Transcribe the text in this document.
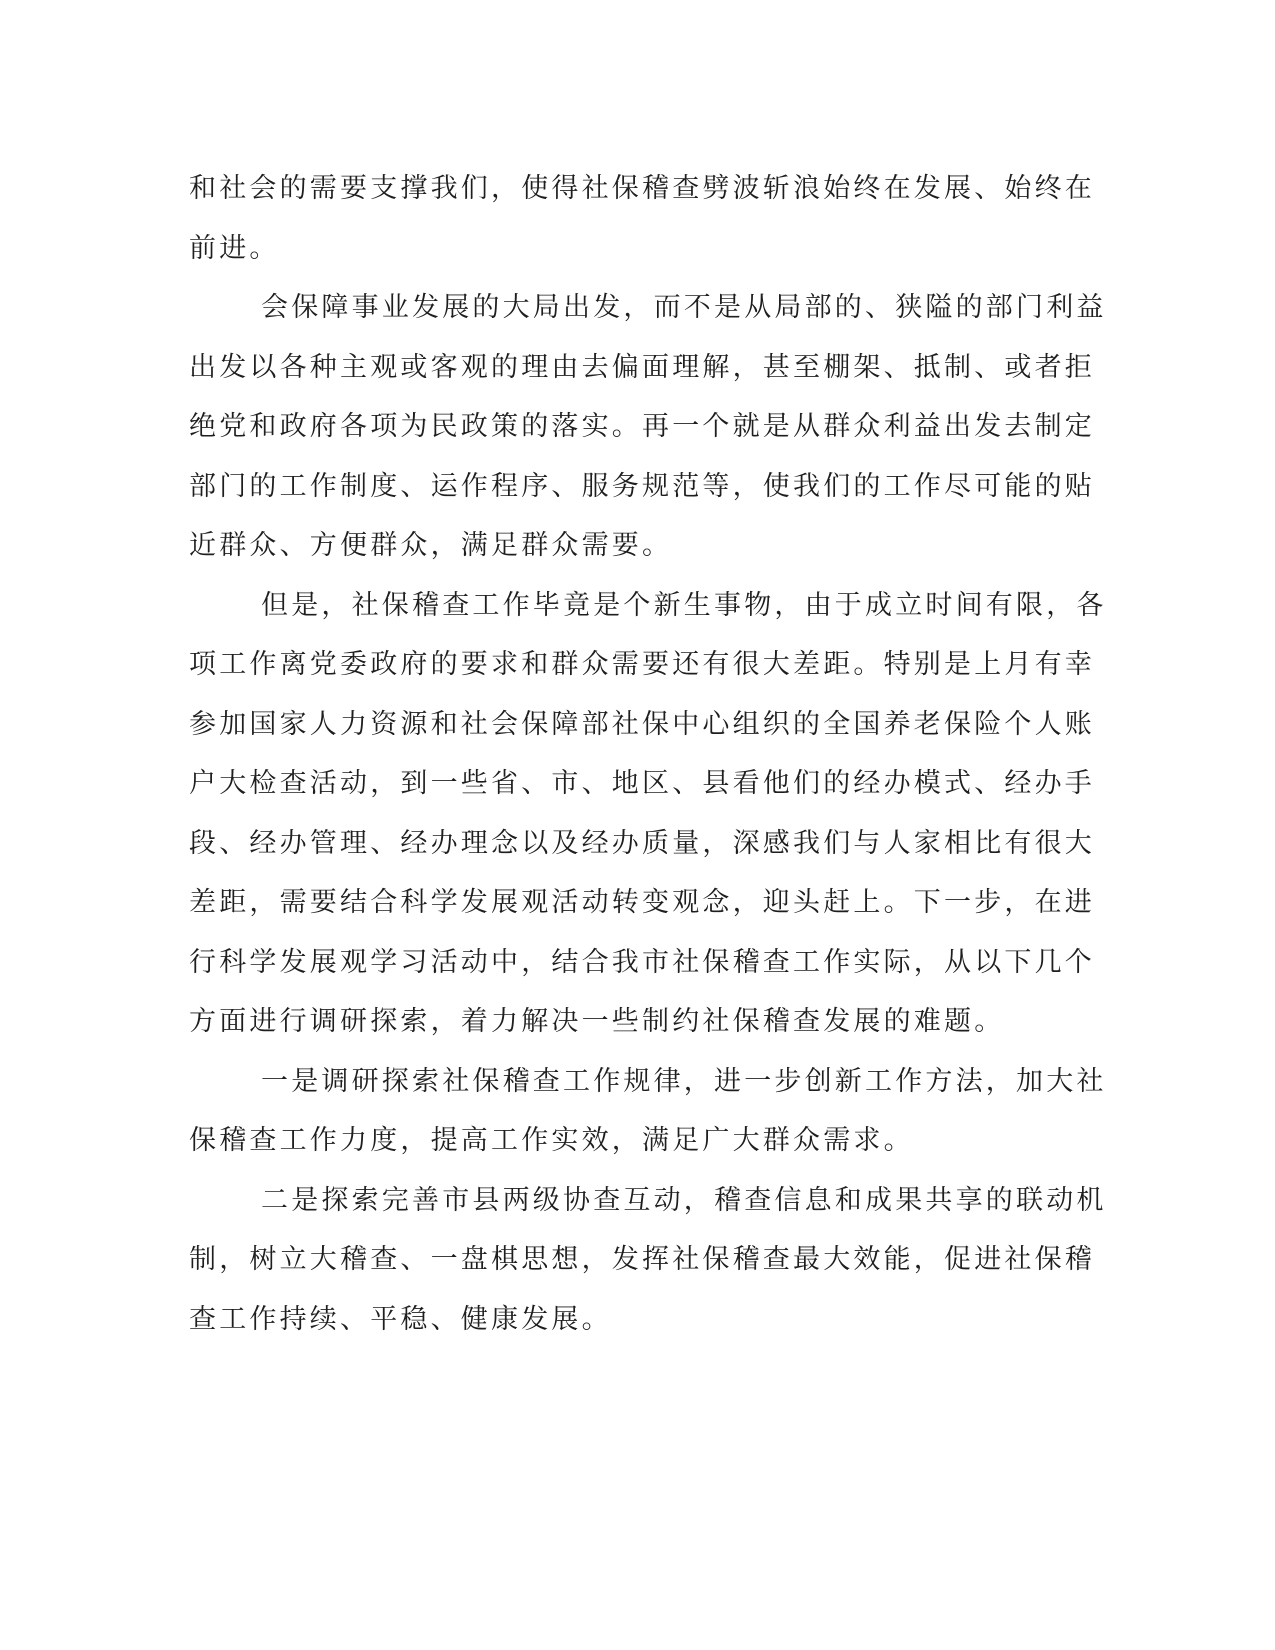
和社会的需要支撑我们，使得社保稽查劈波斩浪始终在发展、始终在
前进。
会保障事业发展的大局出发，而不是从局部的、狭隘的部门利益
出发以各种主观或客观的理由去偏面理解，甚至棚架、抵制、或者拒
绝党和政府各项为民政策的落实。再一个就是从群众利益出发去制定
部门的工作制度、运作程序、服务规范等，使我们的工作尽可能的贴
近群众、方便群众，满足群众需要。
但是，社保稽查工作毕竟是个新生事物，由于成立时间有限，各
项工作离党委政府的要求和群众需要还有很大差距。特别是上月有幸
参加国家人力资源和社会保障部社保中心组织的全国养老保险个人账
户大检查活动，到一些省、市、地区、县看他们的经办模式、经办手
段、经办管理、经办理念以及经办质量，深感我们与人家相比有很大
差距，需要结合科学发展观活动转变观念，迎头赶上。下一步，在进
行科学发展观学习活动中，结合我市社保稽查工作实际，从以下几个
方面进行调研探索，着力解决一些制约社保稽查发展的难题。
一是调研探索社保稽查工作规律，进一步创新工作方法，加大社
保稽查工作力度，提高工作实效，满足广大群众需求。
二是探索完善市县两级协查互动，稽查信息和成果共享的联动机
制，树立大稽查、一盘棋思想，发挥社保稽查最大效能，促进社保稽
查工作持续、平稳、健康发展。
